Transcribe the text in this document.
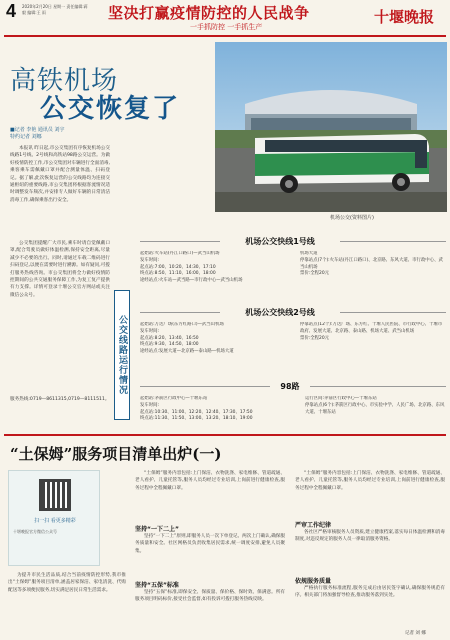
4 2020年2月20日 星期一 责任编辑:蒋 毅 编辑:王 雨	坚决打赢疫情防控的人民战争
一手抓防控 一手抓生产
十堰晚报
高铁机场
公交恢复了
机场公交(资料图片)
■记者 李艳 通讯员 刘宇
特约记者 刘娜
本报讯 昨日起,市公交集团有序恢复机场公交线路1号线、2号线和高铁站98路公交运营。为做好疫情防控工作,市公交集团对车辆进行全面消毒,乘客乘车需佩戴口罩并配合测量体温、扫码登记。据了解,此次恢复运营的公交线路均为连接交通枢纽的重要线路,市公交集团将根据客流情况适时调整发车频次,并安排专人做好车辆的日常清洁消毒工作,确保乘客出行安全。
公交集团提醒广大市民,乘车时请自觉佩戴口罩,配合驾驶员做好体温检测,保持安全距离,尽量减少不必要的出行。同时,请通过车载二维码进行扫码登记,以便在需要时进行溯源。如有疑问,可拨打服务热线咨询。市公交集团将全力做好疫情防控期间的公共交通服务保障工作,为复工复产提供有力支撑。详情可登录十堰公交官方网站或关注微信公众号。
服务热线:0719—8611315,0719—8111511。
公交线路运行情况
机场公交快线1号线
起始站:火车站(丹江口路口)—武当山机场
发车时间:
起点站:7:00、10:20、14:30、17:10
终点站:8:50、11:10、16:00、18:00
途经站点:火车站—武当路—市行政中心—武当山机场
机场大道
停靠站点(7个):火车站(丹江口路口)、北京路、东风大道、市行政中心、武当山机场
票价:全程20元
机场公交快线2号线
起始站:万达广场(东方红路口)—武当山机场
发车时间:
起点站:8:20、13:40、16:50
终点站:9:30、14:50、18:00
途经站点:发展大道—北京路—泰山路—机场大道
停靠站点(12个):万达广场、东方红、十堰人民医院、市行政中心、十堰市政府、发展大道、北京路、泰山路、机场大道、武当山机场
票价:全程20元
98路
起始站:茅箭区行政中心—十堰东站
发车时间:
起点站:10:30、11:00、12:20、12:40、17:30、17:50
终点站:11:30、11:50、13:00、13:20、18:10、19:00
运行区间:茅箭区行政中心—十堰东站
停靠站点(6个):茅箭区行政中心、市实验中学、人民广场、北京路、东风大道、十堰东站
“土保姆”服务项目清单出炉(一)
扫一扫 看更多精彩
十堰晚报官方微信公众号
为提升市民生活品质,结合当前疫情防控形势,我市推出“土保姆”服务项目清单,涵盖居家保洁、家电清洗、代购配送等多项便民服务,切实满足居民日常生活需求。
“土保姆”服务内容包括:上门保洁、衣物洗涤、家电维修、管道疏通、老人看护、儿童托管等,服务人员均经过专业培训,上岗前进行健康检查,服务过程中全程佩戴口罩。
坚持“一下二上”
坚持“一下二上”原则,即服务人员一次下单登记、两次上门确认,确保服务质量和安全。社区网格员负责收集居民需求,统一调度安排,避免人员聚集。
坚持“五保”标准
坚持“五保”标准,即保安全、保质量、保价格、保时效、保满意。所有服务项目明码标价,接受社会监督,如有投诉可拨打服务热线反映。
“土保姆”服务内容包括:上门保洁、衣物洗涤、家电维修、管道疏通、老人看护、儿童托管等,服务人员均经过专业培训,上岗前进行健康检查,服务过程中全程佩戴口罩。
严审工作纪律
各社区严格审核服务人员资质,建立健康档案,落实每日体温检测和消毒制度,对违反规定的服务人员一律取消服务资格。
依规服务质量
严格执行服务标准流程,服务完成后由居民签字确认,确保服务规范有序。相关部门将加强督导检查,推动服务落到实处。
记者 刘 娜
